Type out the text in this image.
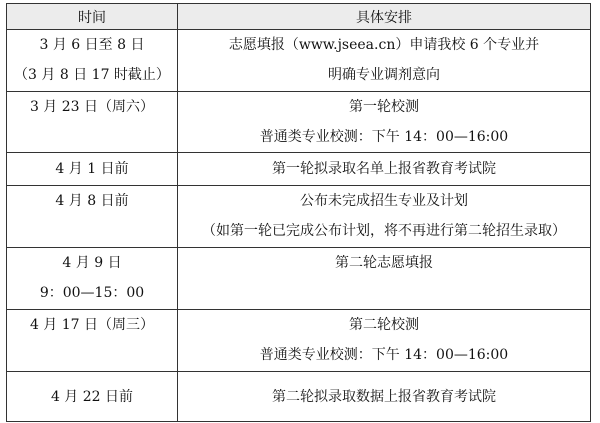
时间	具体安排

3 月 6 日至 8 日
（3 月 8 日 17 时截止）	志愿填报（www.jseea.cn）申请我校 6 个专业并
明确专业调剂意向

3 月 23 日（周六）	第一轮校测
普通类专业校测：下午 14：00—16:00

4 月 1 日前	第一轮拟录取名单上报省教育考试院

4 月 8 日前	公布未完成招生专业及计划
（如第一轮已完成公布计划，将不再进行第二轮招生录取）

4 月 9 日
9：00—15：00	第二轮志愿填报

4 月 17 日（周三）	第二轮校测
普通类专业校测：下午 14：00—16:00

4 月 22 日前	第二轮拟录取数据上报省教育考试院
